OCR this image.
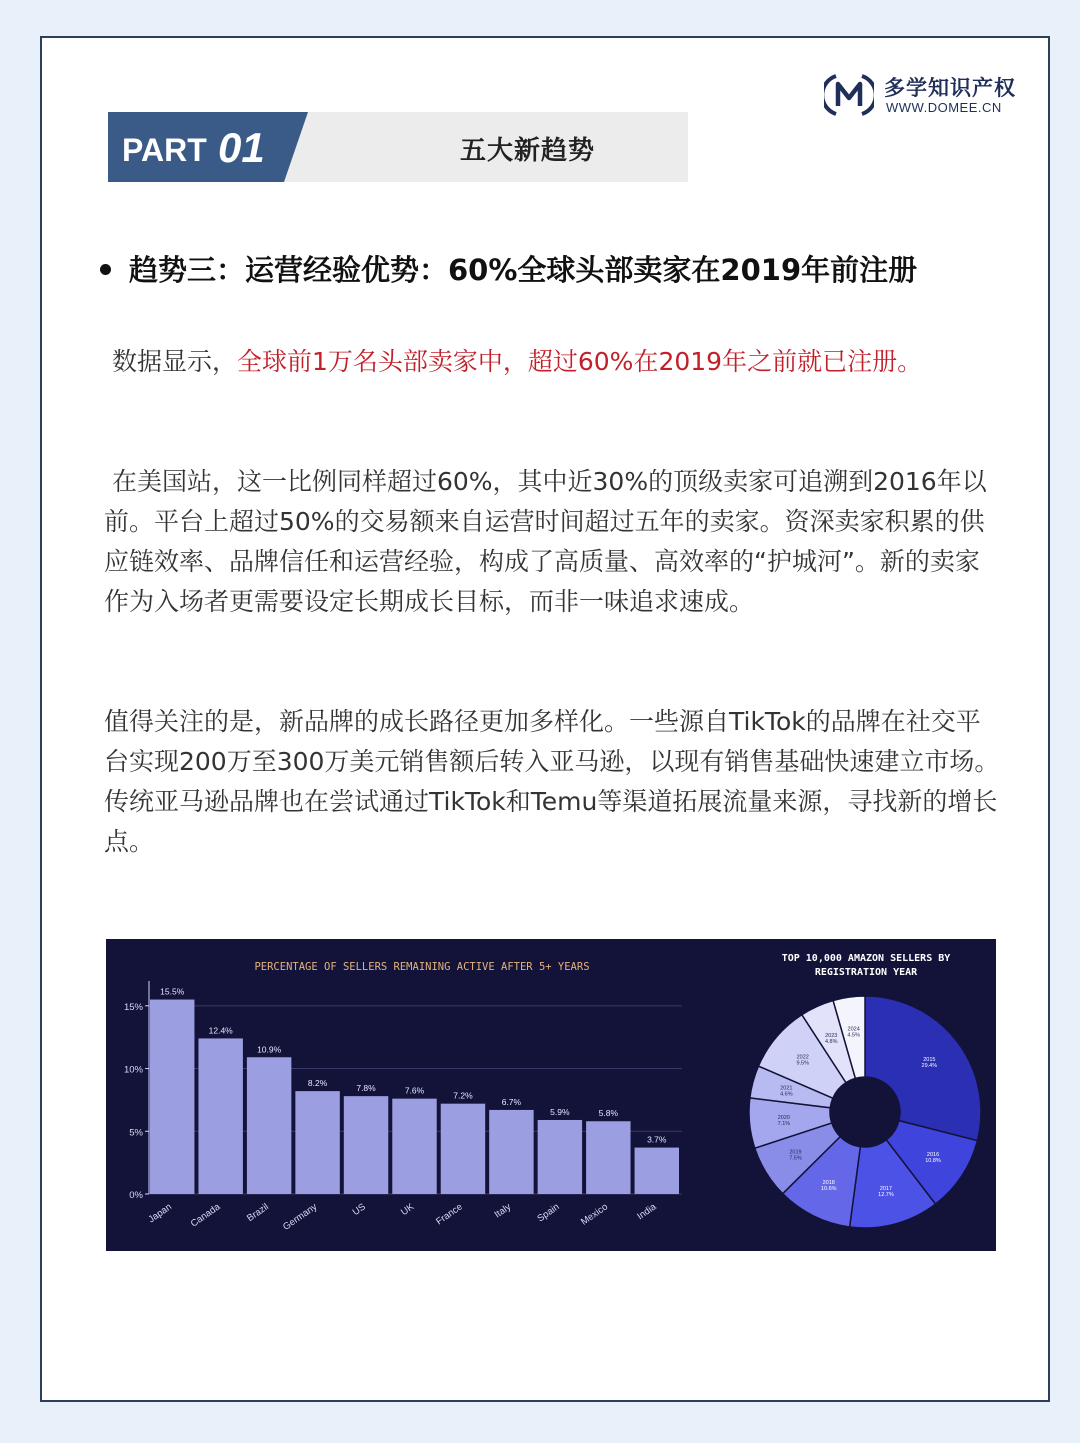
多学知识产权
WWW.DOMEE.CN
PART 01	五大新趋势
趋势三：运营经验优势：60%全球头部卖家在2019年前注册
数据显示，全球前1万名头部卖家中，超过60%在2019年之前就已注册。
在美国站，这一比例同样超过60%，其中近30%的顶级卖家可追溯到2016年以前。平台上超过50%的交易额来自运营时间超过五年的卖家。资深卖家积累的供应链效率、品牌信任和运营经验，构成了高质量、高效率的“护城河”。新的卖家作为入场者更需要设定长期成长目标，而非一味追求速成。
值得关注的是，新品牌的成长路径更加多样化。一些源自TikTok的品牌在社交平台实现200万至300万美元销售额后转入亚马逊，以现有销售基础快速建立市场。传统亚马逊品牌也在尝试通过TikTok和Temu等渠道拓展流量来源，寻找新的增长点。
PERCENTAGE OF SELLERS REMAINING ACTIVE AFTER 5+ YEARS
0%
5%
10%
15%
15.5%
Japan
12.4%
Canada
10.9%
Brazil
8.2%
Germany
7.8%
US
7.6%
UK
7.2%
France
6.7%
Italy
5.9%
Spain
5.8%
Mexico
3.7%
India
TOP 10,000 AMAZON SELLERS BY
REGISTRATION YEAR
2015
29.4%
2016
10.8%
2017
12.7%
2018
10.6%
2019
7.5%
2020
7.1%
2021
4.6%
2022
9.5%
2023
4.8%
2024
4.5%
